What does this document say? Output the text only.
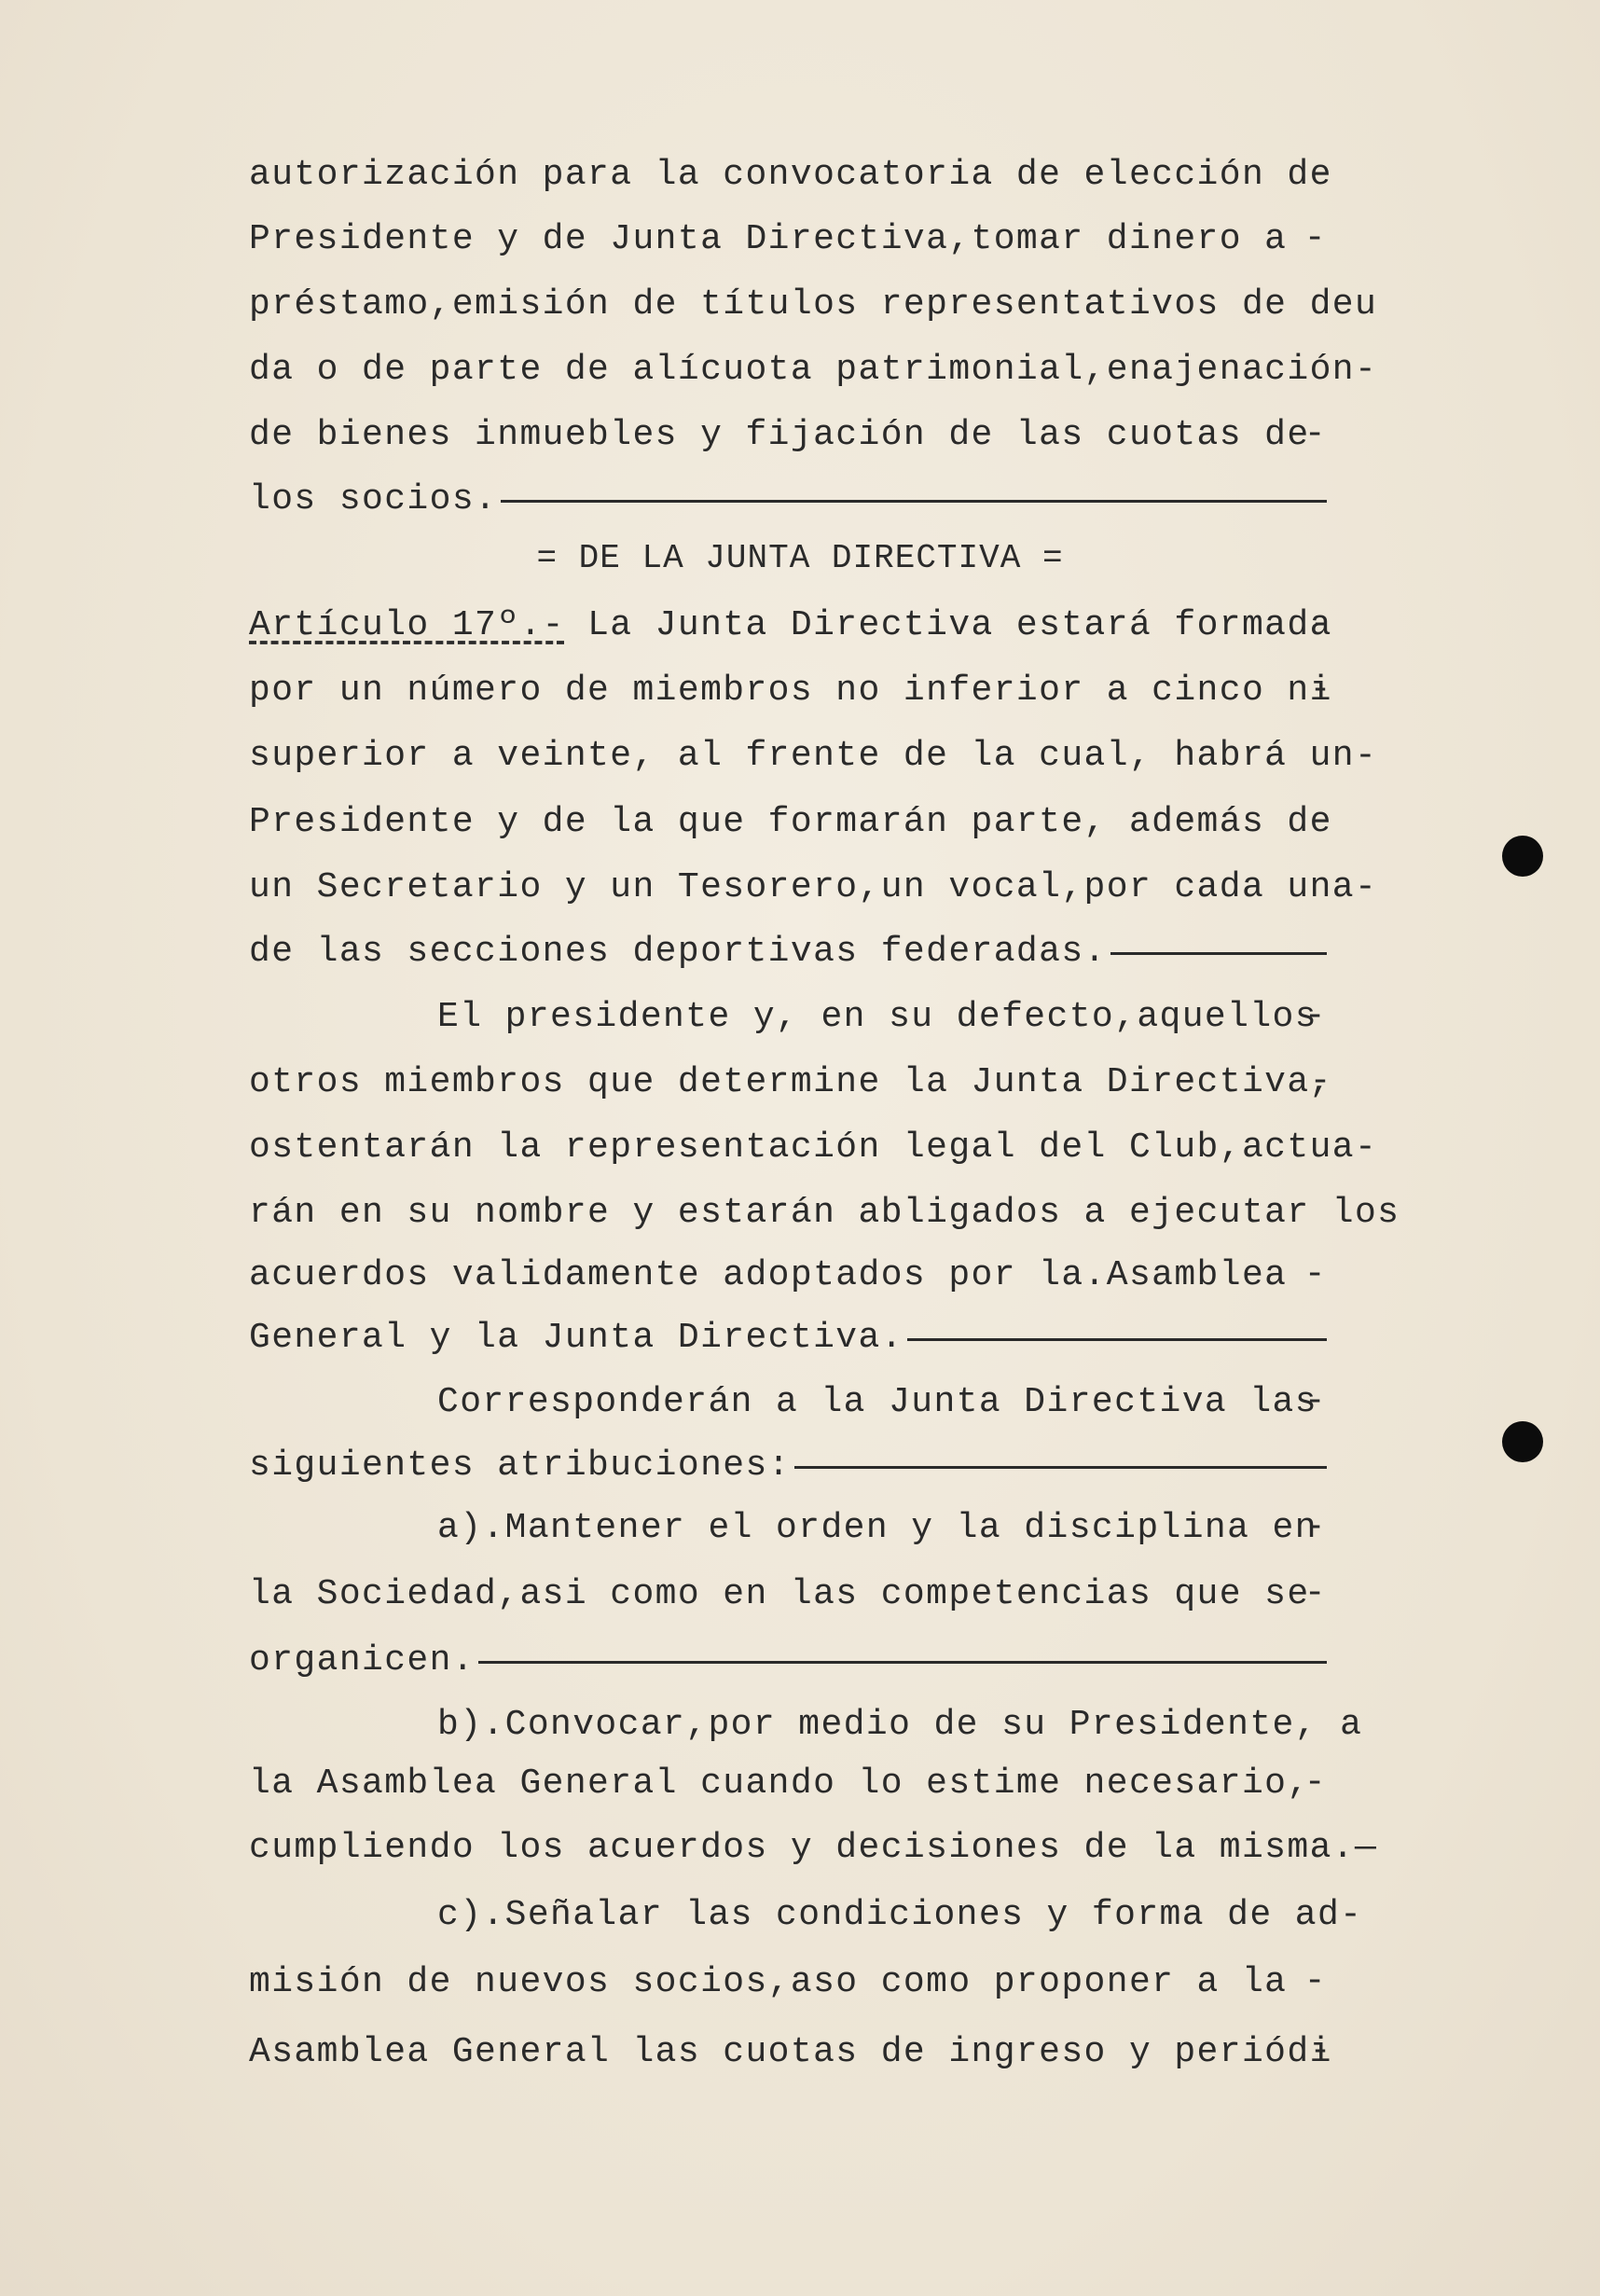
= DE LA JUNTA DIRECTIVA =
autorización para la convocatoria de elección de
Presidente y de Junta Directiva,tomar dinero a
-
préstamo,emisión de títulos representativos de deu
da o de parte de alícuota patrimonial,enajenación-
de bienes inmuebles y fijación de las cuotas de
-
los socios.
Artículo 17º.- La Junta Directiva estará formada
por un número de miembros no inferior a cinco ni
superior a veinte, al frente de la cual, habrá un-
Presidente y de la que formarán parte, además de
un Secretario y un Tesorero,un vocal,por cada una-
de las secciones deportivas federadas.
El presidente y, en su defecto,aquellos
-
otros miembros que determine la Junta Directiva,
ostentarán la representación legal del Club,actua-
rán en su nombre y estarán abligados a ejecutar los
acuerdos validamente adoptados por la.Asamblea
-
General y la Junta Directiva.
Corresponderán a la Junta Directiva las
-
siguientes atribuciones:
a).Mantener el orden y la disciplina en
-
la Sociedad,asi como en las competencias que se
-
organicen.
b).Convocar,por medio de su Presidente, a
la Asamblea General cuando lo estime necesario,
-
cumpliendo los acuerdos y decisiones de la misma.—
c).Señalar las condiciones y forma de ad-
misión de nuevos socios,aso como proponer a la
-
Asamblea General las cuotas de ingreso y periódi
